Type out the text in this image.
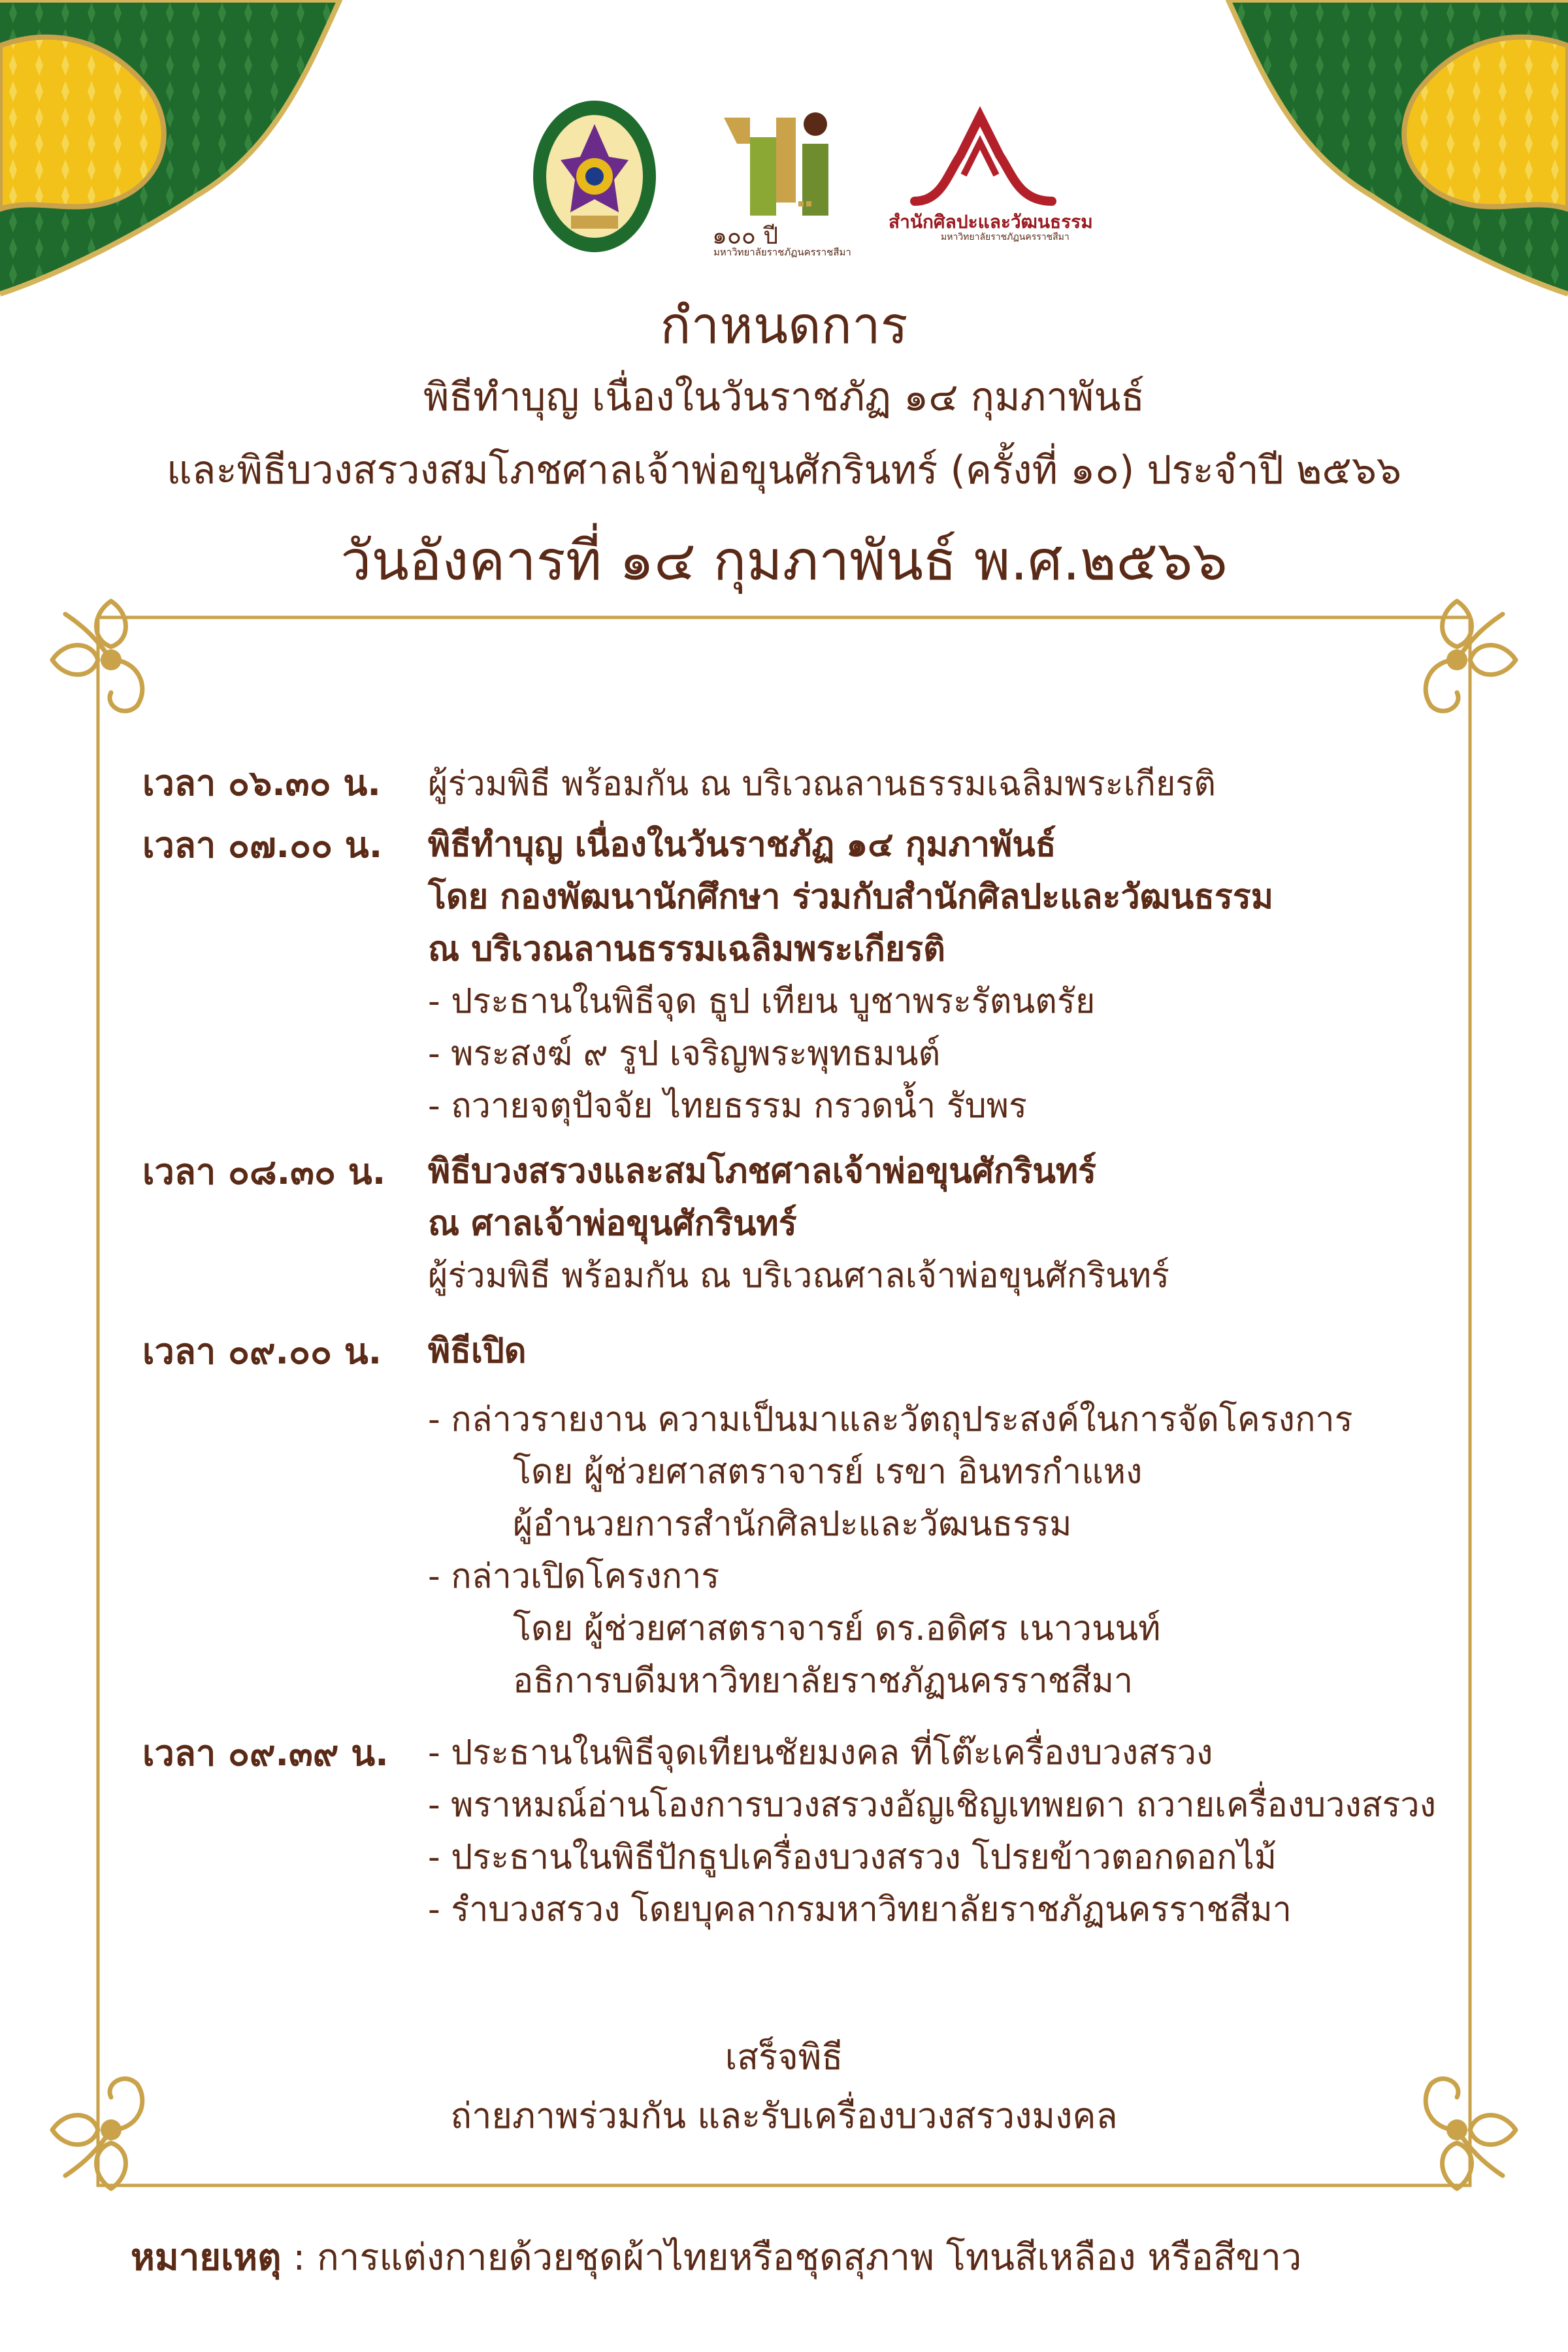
๑๐๐ ปี
มหาวิทยาลัยราชภัฏนครราชสีมา
สำนักศิลปะและวัฒนธรรม
มหาวิทยาลัยราชภัฏนครราชสีมา
กำหนดการ
พิธีทำบุญ เนื่องในวันราชภัฏ ๑๔ กุมภาพันธ์
และพิธีบวงสรวงสมโภชศาลเจ้าพ่อขุนศักรินทร์ (ครั้งที่ ๑๐) ประจำปี ๒๕๖๖
วันอังคารที่ ๑๔ กุมภาพันธ์ พ.ศ.๒๕๖๖
เวลา ๐๖.๓๐ น. ผู้ร่วมพิธี พร้อมกัน ณ บริเวณลานธรรมเฉลิมพระเกียรติ
เวลา ๐๗.๐๐ น. พิธีทำบุญ เนื่องในวันราชภัฏ ๑๔ กุมภาพันธ์
โดย กองพัฒนานักศึกษา ร่วมกับสำนักศิลปะและวัฒนธรรม
ณ บริเวณลานธรรมเฉลิมพระเกียรติ
- ประธานในพิธีจุด ธูป เทียน บูชาพระรัตนตรัย
- พระสงฆ์ ๙ รูป เจริญพระพุทธมนต์
- ถวายจตุปัจจัย ไทยธรรม กรวดน้ำ รับพร
เวลา ๐๘.๓๐ น. พิธีบวงสรวงและสมโภชศาลเจ้าพ่อขุนศักรินทร์
ณ ศาลเจ้าพ่อขุนศักรินทร์
ผู้ร่วมพิธี พร้อมกัน ณ บริเวณศาลเจ้าพ่อขุนศักรินทร์
เวลา ๐๙.๐๐ น. พิธีเปิด
- กล่าวรายงาน ความเป็นมาและวัตถุประสงค์ในการจัดโครงการ
โดย ผู้ช่วยศาสตราจารย์ เรขา อินทรกำแหง
ผู้อำนวยการสำนักศิลปะและวัฒนธรรม
- กล่าวเปิดโครงการ
โดย ผู้ช่วยศาสตราจารย์ ดร.อดิศร เนาวนนท์
อธิการบดีมหาวิทยาลัยราชภัฏนครราชสีมา
เวลา ๐๙.๓๙ น. - ประธานในพิธีจุดเทียนชัยมงคล ที่โต๊ะเครื่องบวงสรวง
- พราหมณ์อ่านโองการบวงสรวงอัญเชิญเทพยดา ถวายเครื่องบวงสรวง
- ประธานในพิธีปักธูปเครื่องบวงสรวง โปรยข้าวตอกดอกไม้
- รำบวงสรวง โดยบุคลากรมหาวิทยาลัยราชภัฏนครราชสีมา
เสร็จพิธี
ถ่ายภาพร่วมกัน และรับเครื่องบวงสรวงมงคล
หมายเหตุ : การแต่งกายด้วยชุดผ้าไทยหรือชุดสุภาพ โทนสีเหลือง หรือสีขาว
